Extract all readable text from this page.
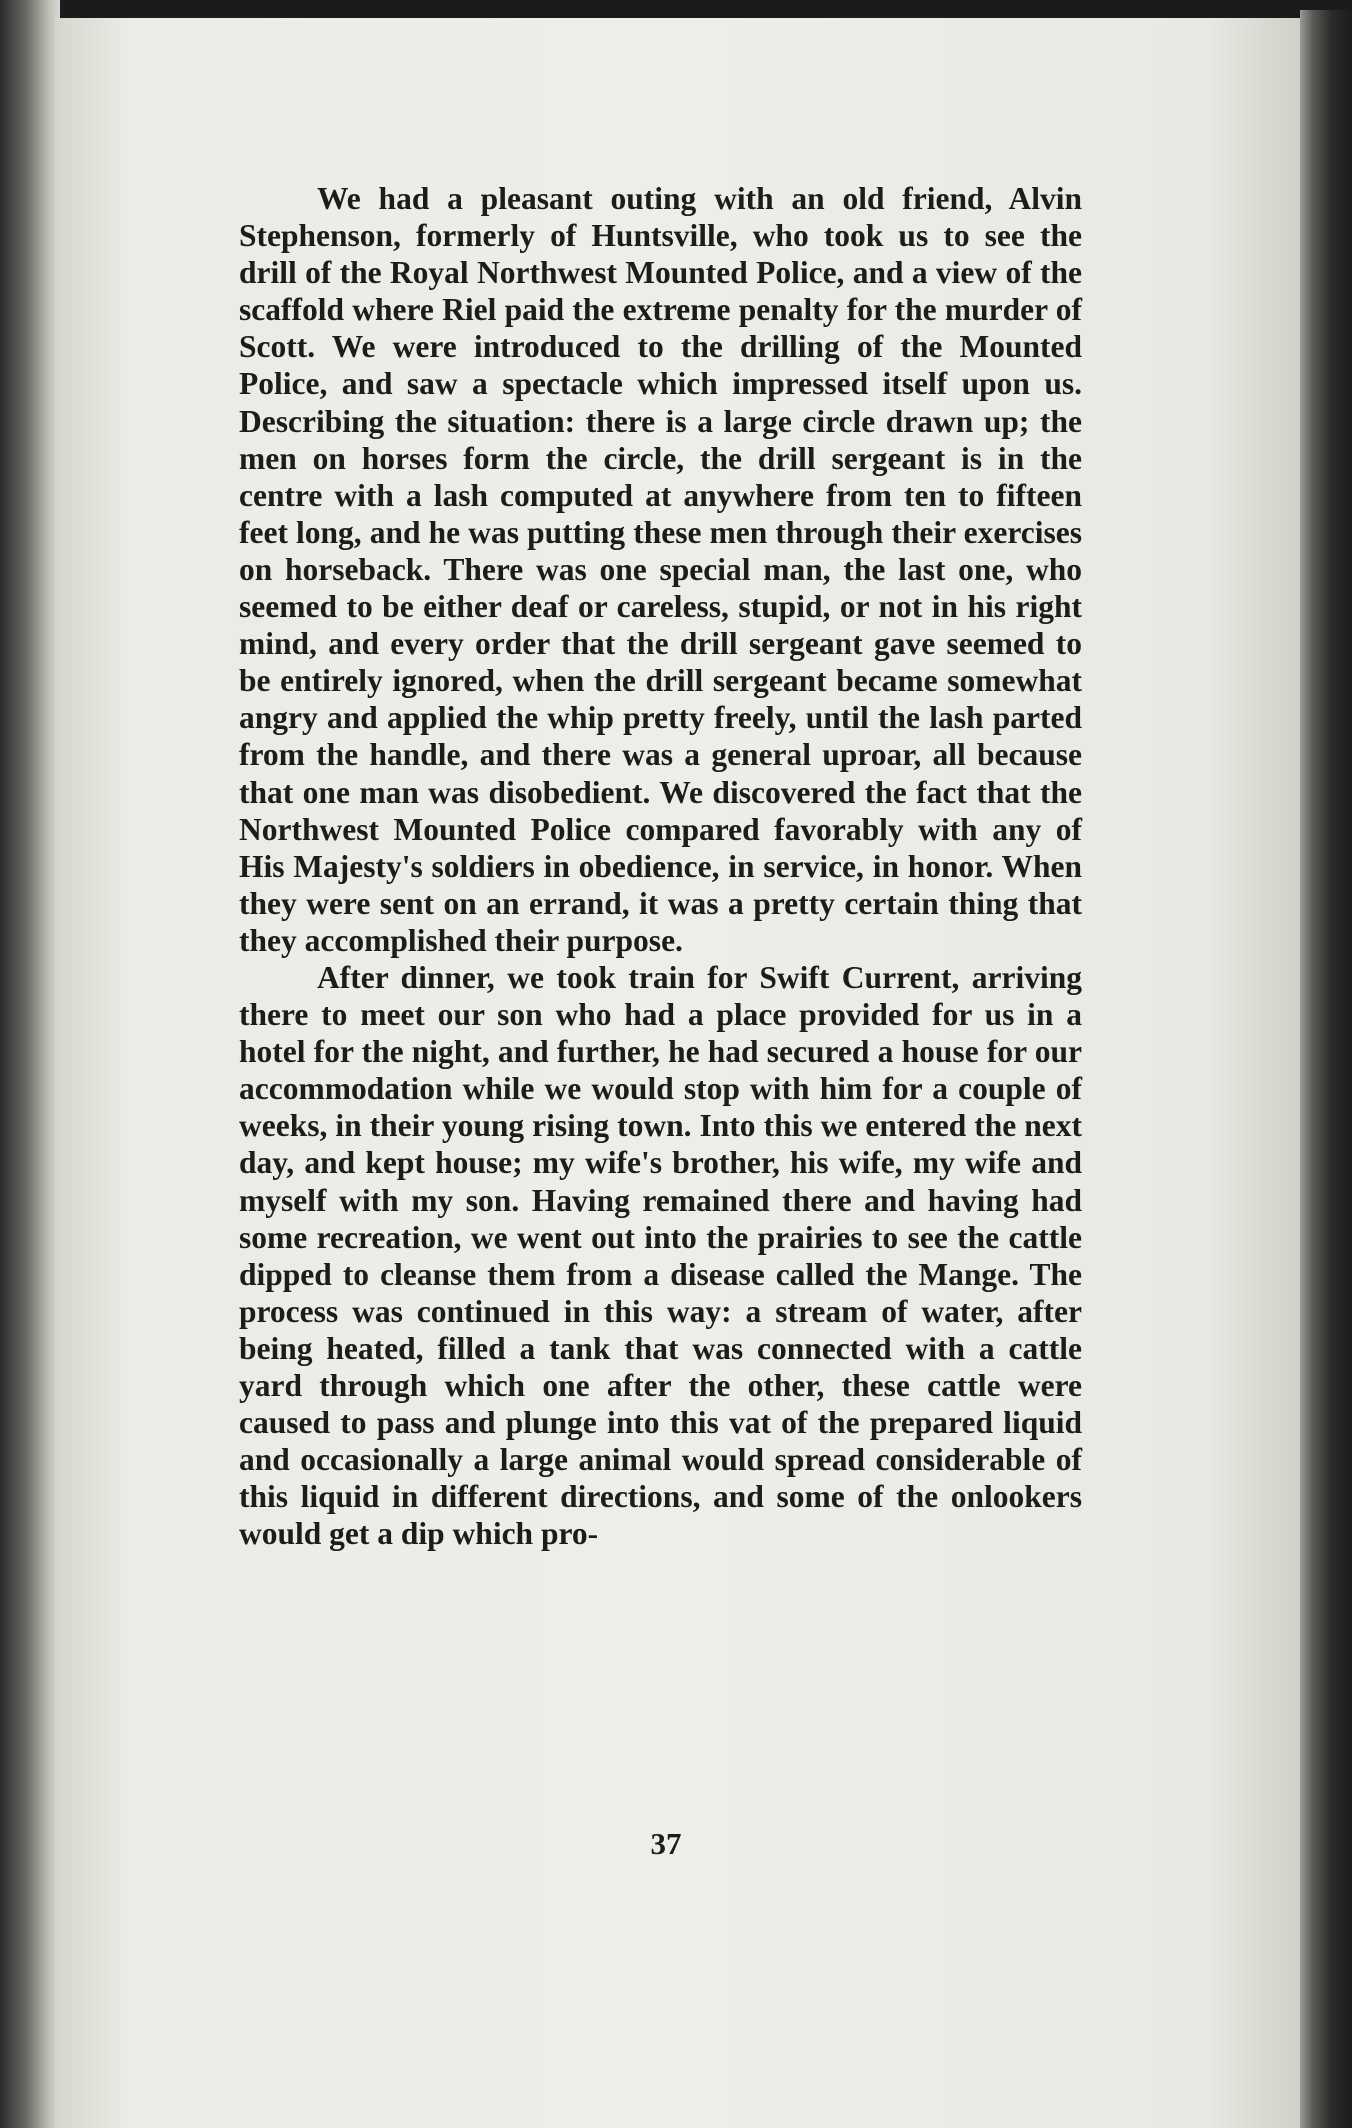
We had a pleasant outing with an old friend, Alvin Stephenson, formerly of Huntsville, who took us to see the drill of the Royal Northwest Mounted Police, and a view of the scaffold where Riel paid the extreme penalty for the murder of Scott. We were introduced to the drilling of the Mounted Police, and saw a spectacle which impressed itself upon us. Describing the situation: there is a large circle drawn up; the men on horses form the circle, the drill sergeant is in the centre with a lash computed at anywhere from ten to fifteen feet long, and he was putting these men through their exercises on horseback. There was one special man, the last one, who seemed to be either deaf or careless, stupid, or not in his right mind, and every order that the drill sergeant gave seemed to be entirely ignored, when the drill sergeant became somewhat angry and applied the whip pretty freely, until the lash parted from the handle, and there was a general uproar, all because that one man was disobedient. We discovered the fact that the Northwest Mounted Police compared favorably with any of His Majesty's soldiers in obedience, in service, in honor. When they were sent on an errand, it was a pretty certain thing that they accomplished their purpose.

After dinner, we took train for Swift Current, arriving there to meet our son who had a place provided for us in a hotel for the night, and further, he had secured a house for our accommodation while we would stop with him for a couple of weeks, in their young rising town. Into this we entered the next day, and kept house; my wife's brother, his wife, my wife and myself with my son. Having remained there and having had some recreation, we went out into the prairies to see the cattle dipped to cleanse them from a disease called the Mange. The process was continued in this way: a stream of water, after being heated, filled a tank that was connected with a cattle yard through which one after the other, these cattle were caused to pass and plunge into this vat of the prepared liquid and occasionally a large animal would spread considerable of this liquid in different directions, and some of the onlookers would get a dip which pro-

37
